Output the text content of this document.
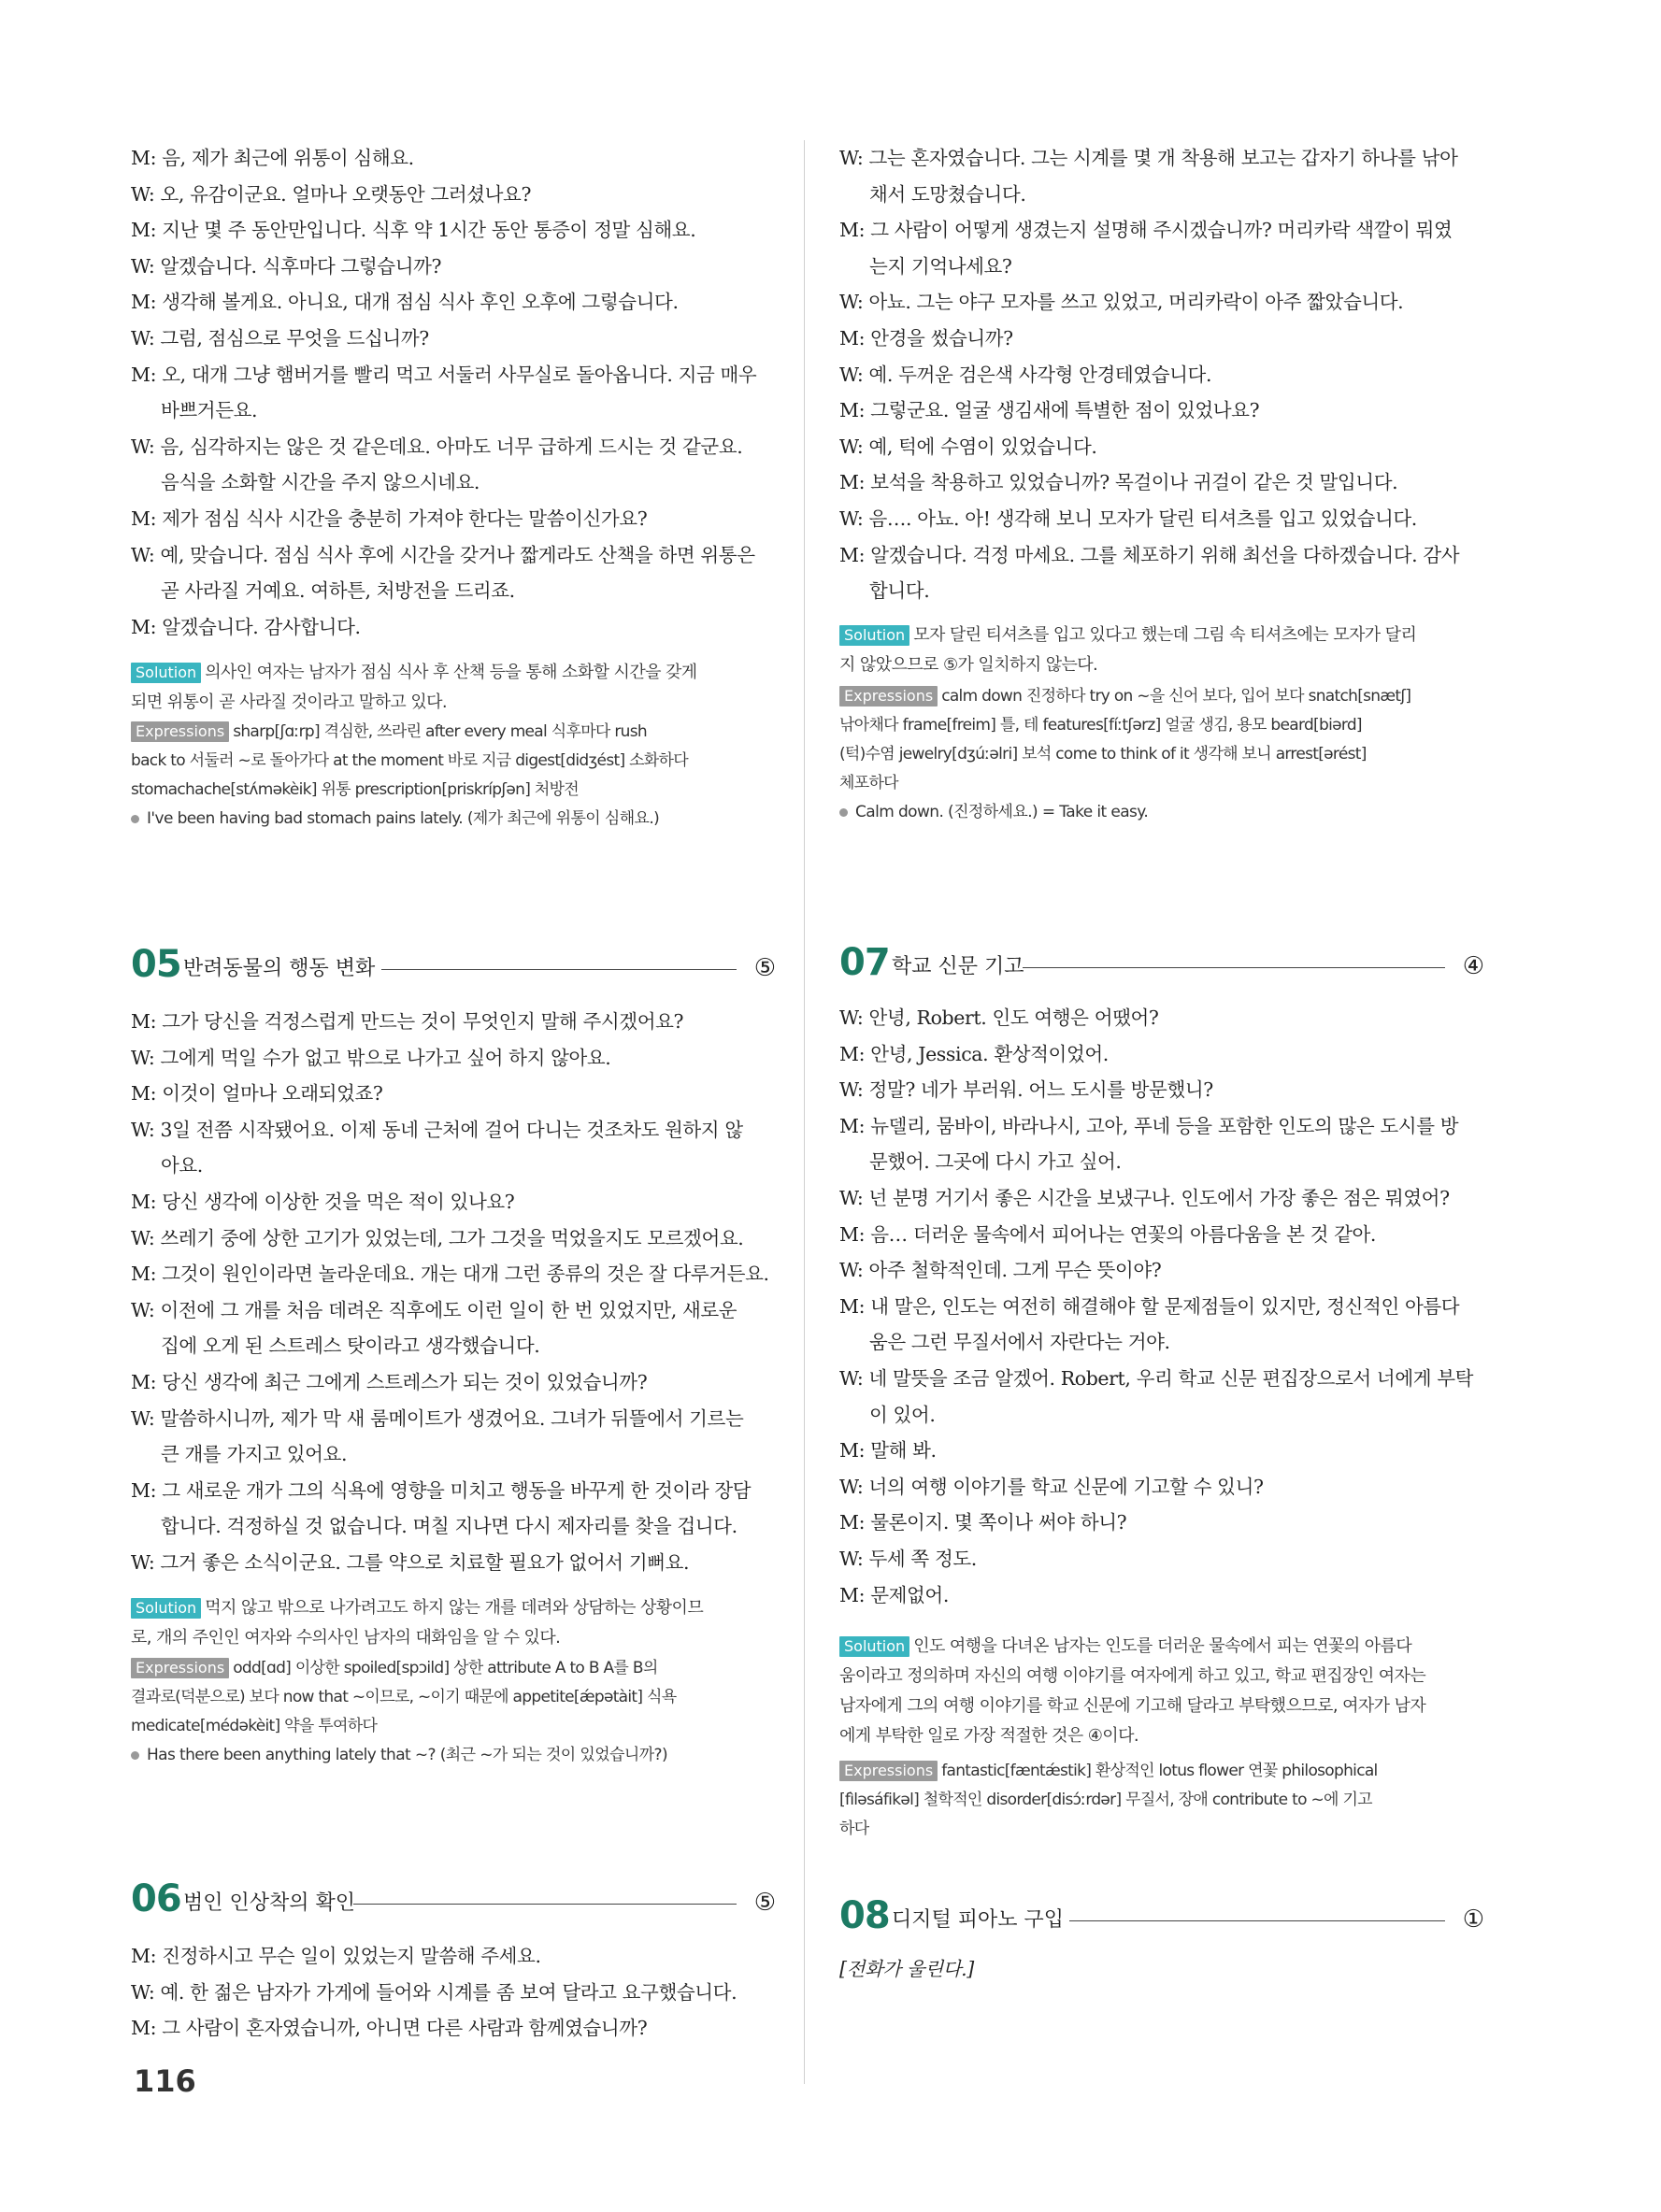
M: 음, 제가 최근에 위통이 심해요.
W: 오, 유감이군요. 얼마나 오랫동안 그러셨나요?
M: 지난 몇 주 동안만입니다. 식후 약 1시간 동안 통증이 정말 심해요.
W: 알겠습니다. 식후마다 그렇습니까?
M: 생각해 볼게요. 아니요, 대개 점심 식사 후인 오후에 그렇습니다.
W: 그럼, 점심으로 무엇을 드십니까?
M: 오, 대개 그냥 햄버거를 빨리 먹고 서둘러 사무실로 돌아옵니다. 지금 매우
바쁘거든요.
W: 음, 심각하지는 않은 것 같은데요. 아마도 너무 급하게 드시는 것 같군요.
음식을 소화할 시간을 주지 않으시네요.
M: 제가 점심 식사 시간을 충분히 가져야 한다는 말씀이신가요?
W: 예, 맞습니다. 점심 식사 후에 시간을 갖거나 짧게라도 산책을 하면 위통은
곧 사라질 거예요. 여하튼, 처방전을 드리죠.
M: 알겠습니다. 감사합니다.
Solution 의사인 여자는 남자가 점심 식사 후 산책 등을 통해 소화할 시간을 갖게
되면 위통이 곧 사라질 것이라고 말하고 있다.
Expressions sharp[ʃɑːrp] 격심한, 쓰라린 after every meal 식후마다 rush
back to 서둘러 ~로 돌아가다 at the moment 바로 지금 digest[didʒést] 소화하다
stomachache[stʌ́məkèik] 위통 prescription[priskrípʃən] 처방전
I've been having bad stomach pains lately. (제가 최근에 위통이 심해요.)
05 반려동물의 행동 변화	⑤
M: 그가 당신을 걱정스럽게 만드는 것이 무엇인지 말해 주시겠어요?
W: 그에게 먹일 수가 없고 밖으로 나가고 싶어 하지 않아요.
M: 이것이 얼마나 오래되었죠?
W: 3일 전쯤 시작됐어요. 이제 동네 근처에 걸어 다니는 것조차도 원하지 않
아요.
M: 당신 생각에 이상한 것을 먹은 적이 있나요?
W: 쓰레기 중에 상한 고기가 있었는데, 그가 그것을 먹었을지도 모르겠어요.
M: 그것이 원인이라면 놀라운데요. 개는 대개 그런 종류의 것은 잘 다루거든요.
W: 이전에 그 개를 처음 데려온 직후에도 이런 일이 한 번 있었지만, 새로운
집에 오게 된 스트레스 탓이라고 생각했습니다.
M: 당신 생각에 최근 그에게 스트레스가 되는 것이 있었습니까?
W: 말씀하시니까, 제가 막 새 룸메이트가 생겼어요. 그녀가 뒤뜰에서 기르는
큰 개를 가지고 있어요.
M: 그 새로운 개가 그의 식욕에 영향을 미치고 행동을 바꾸게 한 것이라 장담
합니다. 걱정하실 것 없습니다. 며칠 지나면 다시 제자리를 찾을 겁니다.
W: 그거 좋은 소식이군요. 그를 약으로 치료할 필요가 없어서 기뻐요.
Solution 먹지 않고 밖으로 나가려고도 하지 않는 개를 데려와 상담하는 상황이므
로, 개의 주인인 여자와 수의사인 남자의 대화임을 알 수 있다.
Expressions odd[ɑd] 이상한 spoiled[spɔild] 상한 attribute A to B A를 B의
결과로(덕분으로) 보다 now that ~이므로, ~이기 때문에 appetite[ǽpətàit] 식욕
medicate[médəkèit] 약을 투여하다
Has there been anything lately that ~? (최근 ~가 되는 것이 있었습니까?)
06 범인 인상착의 확인	⑤
M: 진정하시고 무슨 일이 있었는지 말씀해 주세요.
W: 예. 한 젊은 남자가 가게에 들어와 시계를 좀 보여 달라고 요구했습니다.
M: 그 사람이 혼자였습니까, 아니면 다른 사람과 함께였습니까?
W: 그는 혼자였습니다. 그는 시계를 몇 개 착용해 보고는 갑자기 하나를 낚아
채서 도망쳤습니다.
M: 그 사람이 어떻게 생겼는지 설명해 주시겠습니까? 머리카락 색깔이 뭐였
는지 기억나세요?
W: 아뇨. 그는 야구 모자를 쓰고 있었고, 머리카락이 아주 짧았습니다.
M: 안경을 썼습니까?
W: 예. 두꺼운 검은색 사각형 안경테였습니다.
M: 그렇군요. 얼굴 생김새에 특별한 점이 있었나요?
W: 예, 턱에 수염이 있었습니다.
M: 보석을 착용하고 있었습니까? 목걸이나 귀걸이 같은 것 말입니다.
W: 음…. 아뇨. 아! 생각해 보니 모자가 달린 티셔츠를 입고 있었습니다.
M: 알겠습니다. 걱정 마세요. 그를 체포하기 위해 최선을 다하겠습니다. 감사
합니다.
Solution 모자 달린 티셔츠를 입고 있다고 했는데 그림 속 티셔츠에는 모자가 달리
지 않았으므로 ⑤가 일치하지 않는다.
Expressions calm down 진정하다 try on ~을 신어 보다, 입어 보다 snatch[snætʃ]
낚아채다 frame[freim] 틀, 테 features[fíːtʃərz] 얼굴 생김, 용모 beard[biərd]
(턱)수염 jewelry[dʒúːəlri] 보석 come to think of it 생각해 보니 arrest[ərést]
체포하다
Calm down. (진정하세요.) = Take it easy.
07 학교 신문 기고	④
W: 안녕, Robert. 인도 여행은 어땠어?
M: 안녕, Jessica. 환상적이었어.
W: 정말? 네가 부러워. 어느 도시를 방문했니?
M: 뉴델리, 뭄바이, 바라나시, 고아, 푸네 등을 포함한 인도의 많은 도시를 방
문했어. 그곳에 다시 가고 싶어.
W: 넌 분명 거기서 좋은 시간을 보냈구나. 인도에서 가장 좋은 점은 뭐였어?
M: 음… 더러운 물속에서 피어나는 연꽃의 아름다움을 본 것 같아.
W: 아주 철학적인데. 그게 무슨 뜻이야?
M: 내 말은, 인도는 여전히 해결해야 할 문제점들이 있지만, 정신적인 아름다
움은 그런 무질서에서 자란다는 거야.
W: 네 말뜻을 조금 알겠어. Robert, 우리 학교 신문 편집장으로서 너에게 부탁
이 있어.
M: 말해 봐.
W: 너의 여행 이야기를 학교 신문에 기고할 수 있니?
M: 물론이지. 몇 쪽이나 써야 하니?
W: 두세 쪽 정도.
M: 문제없어.
Solution 인도 여행을 다녀온 남자는 인도를 더러운 물속에서 피는 연꽃의 아름다
움이라고 정의하며 자신의 여행 이야기를 여자에게 하고 있고, 학교 편집장인 여자는
남자에게 그의 여행 이야기를 학교 신문에 기고해 달라고 부탁했으므로, 여자가 남자
에게 부탁한 일로 가장 적절한 것은 ④이다.
Expressions fantastic[fæntǽstik] 환상적인 lotus flower 연꽃 philosophical
[fìləsáfikəl] 철학적인 disorder[disɔ́ːrdər] 무질서, 장애 contribute to ~에 기고
하다
08 디지털 피아노 구입	①
[전화가 울린다.]
116
